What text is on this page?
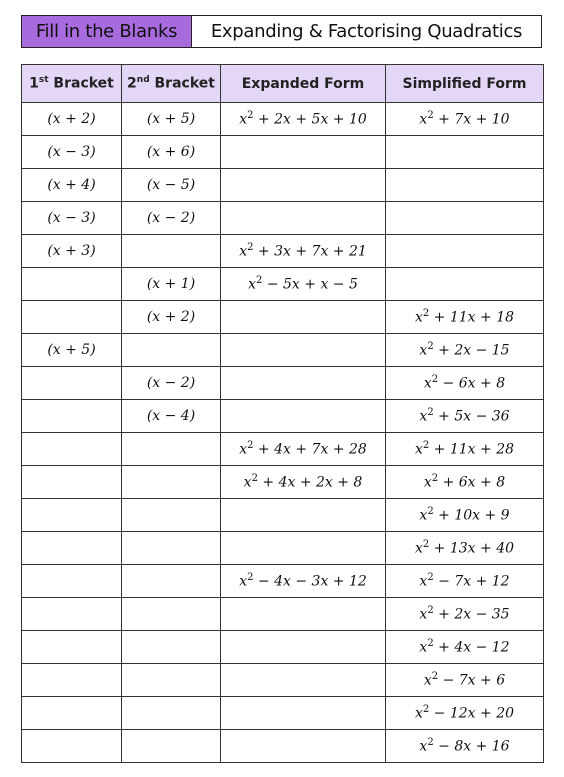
Fill in the Blanks	Expanding & Factorising Quadratics
1st Bracket	2nd Bracket	Expanded Form	Simplified Form
(x + 2)	(x + 5)	$x^2 + 2x + 5x + 10$	$x^2 + 7x + 10$
(x − 3)	(x + 6)		
(x + 4)	(x − 5)		
(x − 3)	(x − 2)		
(x + 3)		$x^2 + 3x + 7x + 21$	
	(x + 1)	$x^2 - 5x + x - 5$	
	(x + 2)		$x^2 + 11x + 18$
(x + 5)			$x^2 + 2x - 15$
	(x − 2)		$x^2 - 6x + 8$
	(x − 4)		$x^2 + 5x - 36$
		$x^2 + 4x + 7x + 28$	$x^2 + 11x + 28$
		$x^2 + 4x + 2x + 8$	$x^2 + 6x + 8$
			$x^2 + 10x + 9$
			$x^2 + 13x + 40$
		$x^2 - 4x - 3x + 12$	$x^2 - 7x + 12$
			$x^2 + 2x - 35$
			$x^2 + 4x - 12$
			$x^2 - 7x + 6$
			$x^2 - 12x + 20$
			$x^2 - 8x + 16$
